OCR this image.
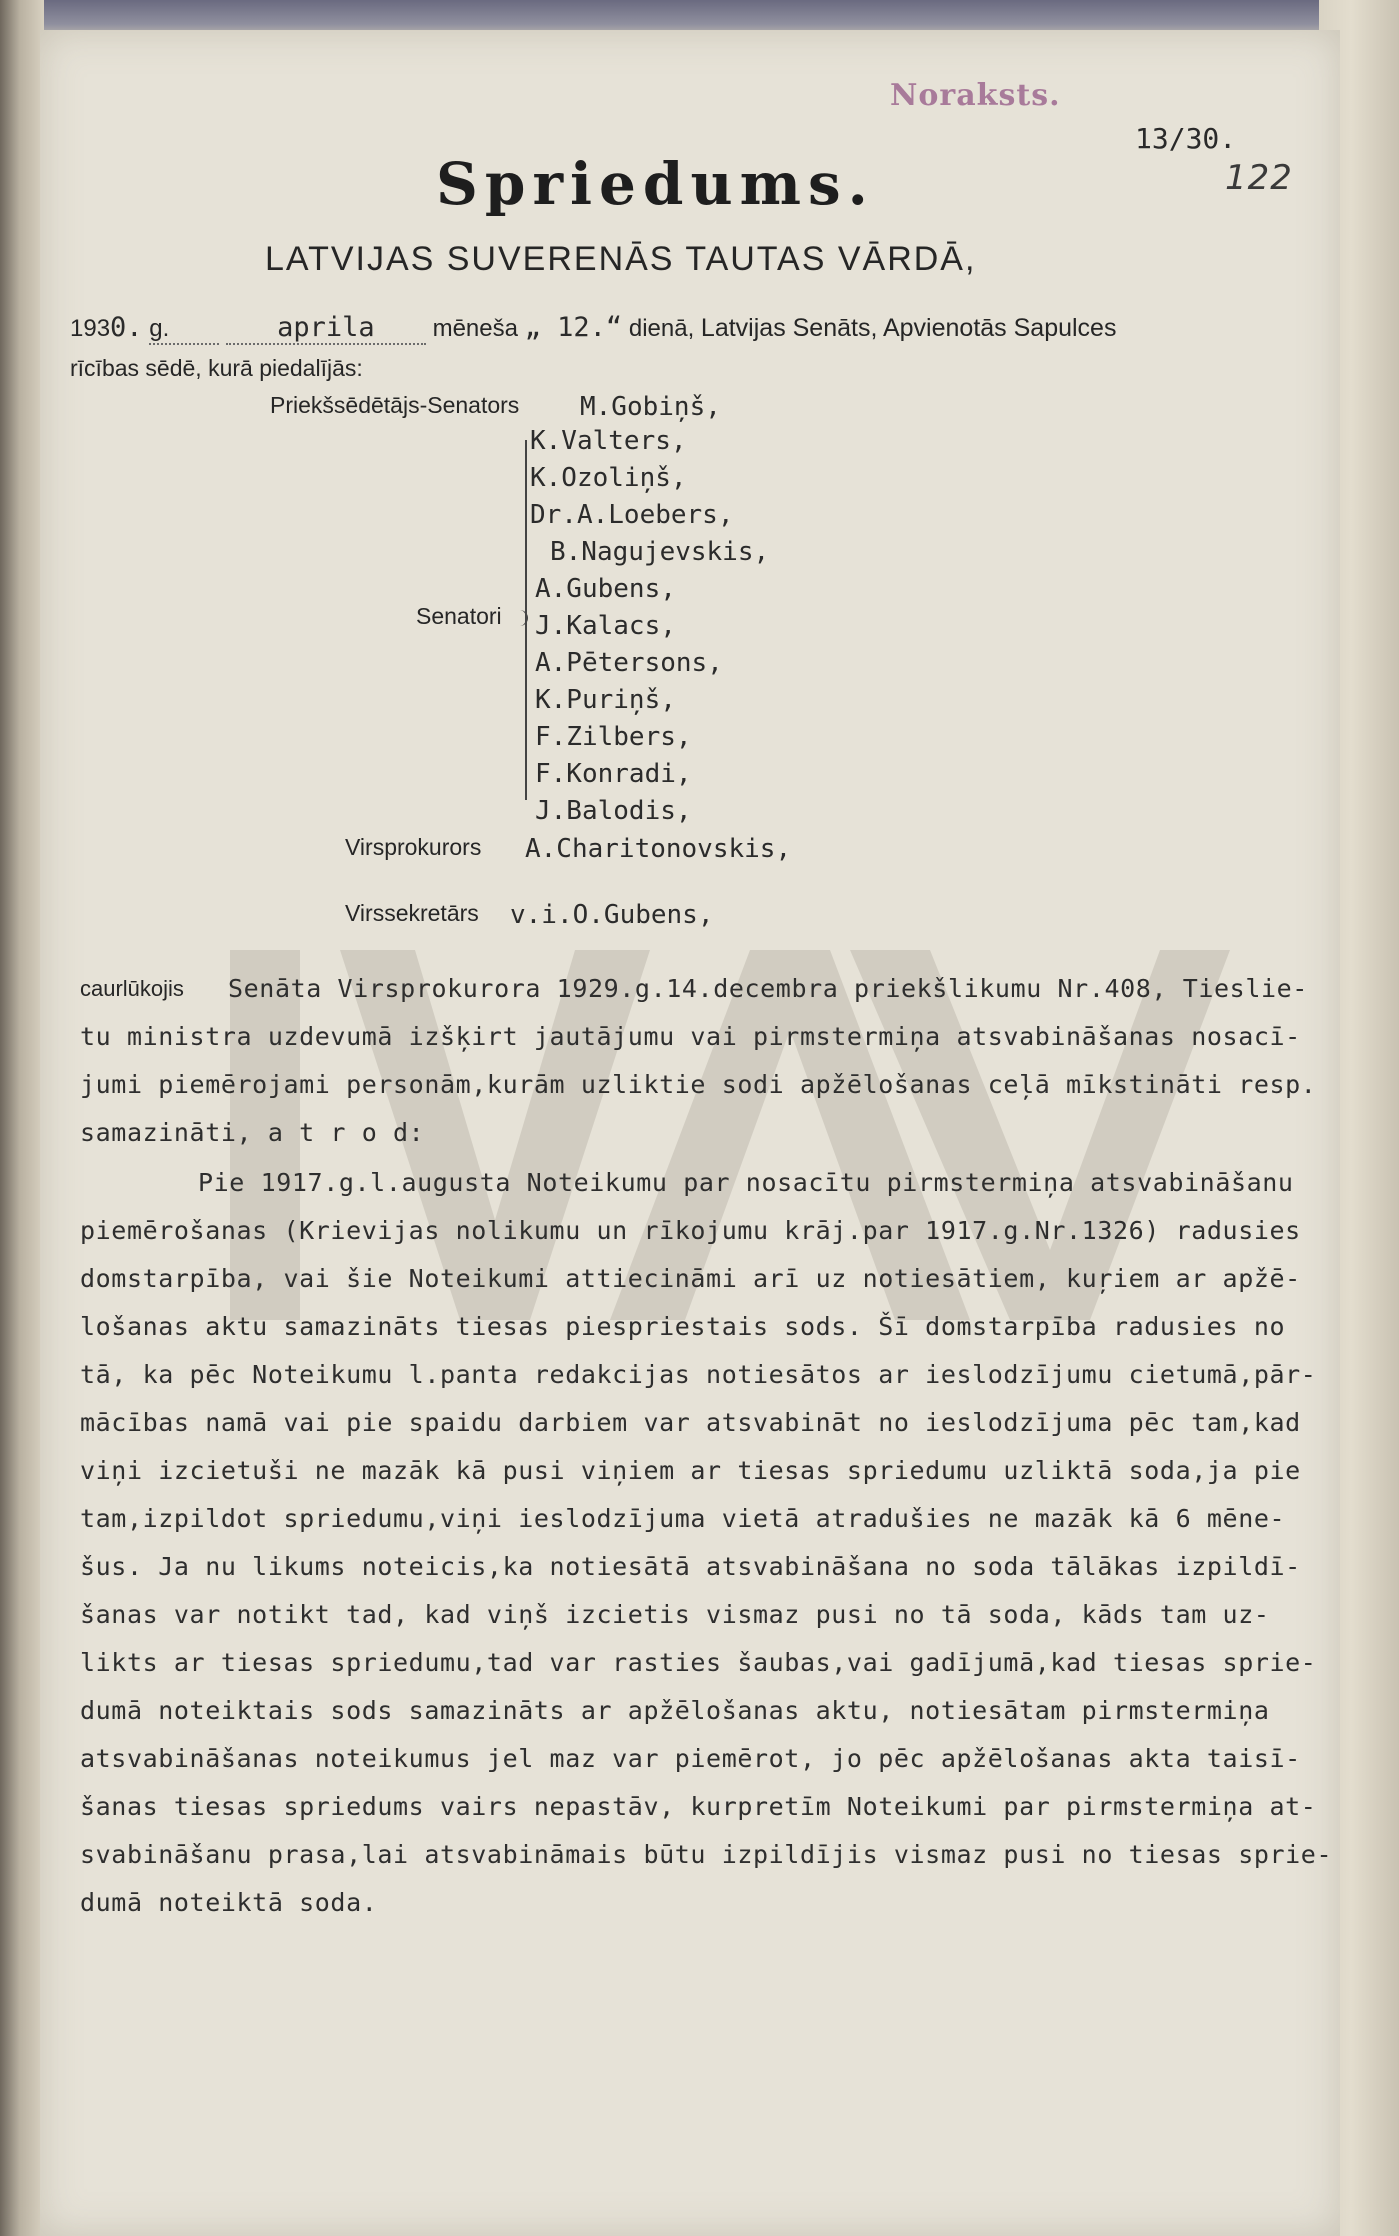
Noraksts.
13/30.
122
Spriedums.
LATVIJAS SUVERENĀS TAUTAS VĀRDĀ,
1930. g.	aprila mēneša „ 12.“ dienā, Latvijas Senāts, Apvienotās Sapulces
rīcības sēdē, kurā piedalījās:
Priekšsēdētājs-Senators M.Gobiņš,
Senatori
K.Valters,
K.Ozoliņš,
Dr.A.Loebers,
B.Nagujevskis,
A.Gubens,
J.Kalacs,
A.Pētersons,
K.Puriņš,
F.Zilbers,
F.Konradi,
J.Balodis,
Virsprokurors A.Charitonovskis,
Virssekretārs v.i.O.Gubens,
caurlūkojis Senāta Virsprokurora 1929.g.14.decembra priekšlikumu Nr.408, Tieslie-
tu ministra uzdevumā izšķirt jautājumu vai pirmstermiņa atsvabināšanas nosacī-
jumi piemērojami personām,kurām uzliktie sodi apžēlošanas ceļā mīkstināti resp.
samazināti, a t r o d:
Pie 1917.g.l.augusta Noteikumu par nosacītu pirmstermiņa atsvabināšanu
piemērošanas (Krievijas nolikumu un rīkojumu krāj.par 1917.g.Nr.1326) radusies
domstarpība, vai šie Noteikumi attiecināmi arī uz notiesātiem, kuŗiem ar apžē-
lošanas aktu samazināts tiesas piespriestais sods. Šī domstarpība radusies no
tā, ka pēc Noteikumu l.panta redakcijas notiesātos ar ieslodzījumu cietumā,pār-
mācības namā vai pie spaidu darbiem var atsvabināt no ieslodzījuma pēc tam,kad
viņi izcietuši ne mazāk kā pusi viņiem ar tiesas spriedumu uzliktā soda,ja pie
tam,izpildot spriedumu,viņi ieslodzījuma vietā atradušies ne mazāk kā 6 mēne-
šus. Ja nu likums noteicis,ka notiesātā atsvabināšana no soda tālākas izpildī-
šanas var notikt tad, kad viņš izcietis vismaz pusi no tā soda, kāds tam uz-
likts ar tiesas spriedumu,tad var rasties šaubas,vai gadījumā,kad tiesas sprie-
dumā noteiktais sods samazināts ar apžēlošanas aktu, notiesātam pirmstermiņa
atsvabināšanas noteikumus jel maz var piemērot, jo pēc apžēlošanas akta taisī-
šanas tiesas spriedums vairs nepastāv, kurpretīm Noteikumi par pirmstermiņa at-
svabināšanu prasa,lai atsvabināmais būtu izpildījis vismaz pusi no tiesas sprie-
dumā noteiktā soda.
